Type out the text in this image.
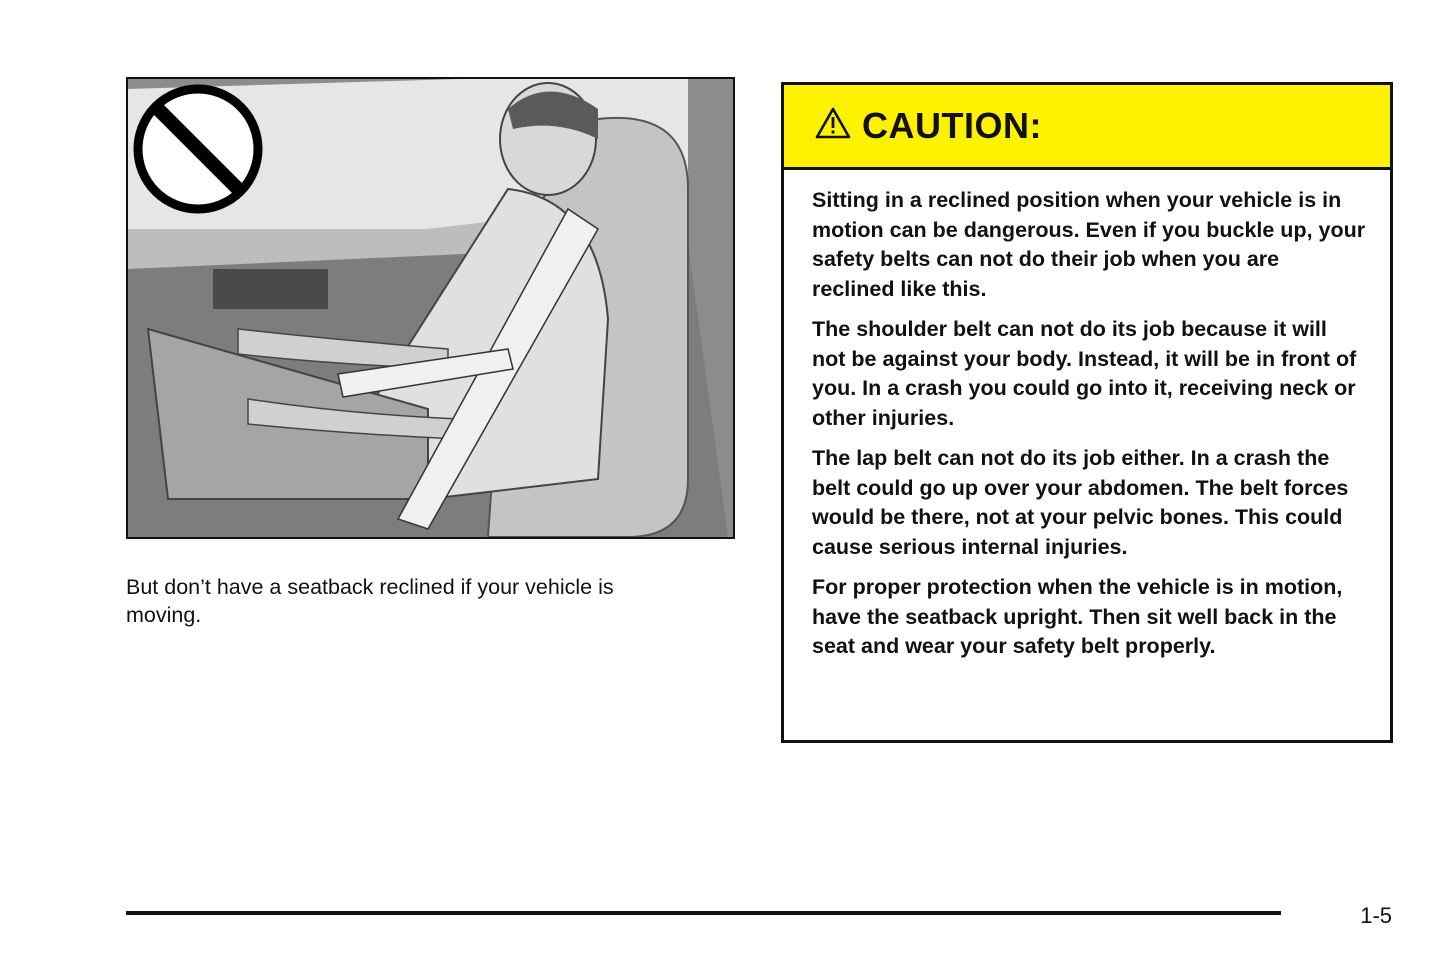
But don’t have a seatback reclined if your vehicle is moving.
CAUTION:

Sitting in a reclined position when your vehicle is in motion can be dangerous. Even if you buckle up, your safety belts can not do their job when you are reclined like this.

The shoulder belt can not do its job because it will not be against your body. Instead, it will be in front of you. In a crash you could go into it, receiving neck or other injuries.

The lap belt can not do its job either. In a crash the belt could go up over your abdomen. The belt forces would be there, not at your pelvic bones. This could cause serious internal injuries.

For proper protection when the vehicle is in motion, have the seatback upright. Then sit well back in the seat and wear your safety belt properly.

1-5
